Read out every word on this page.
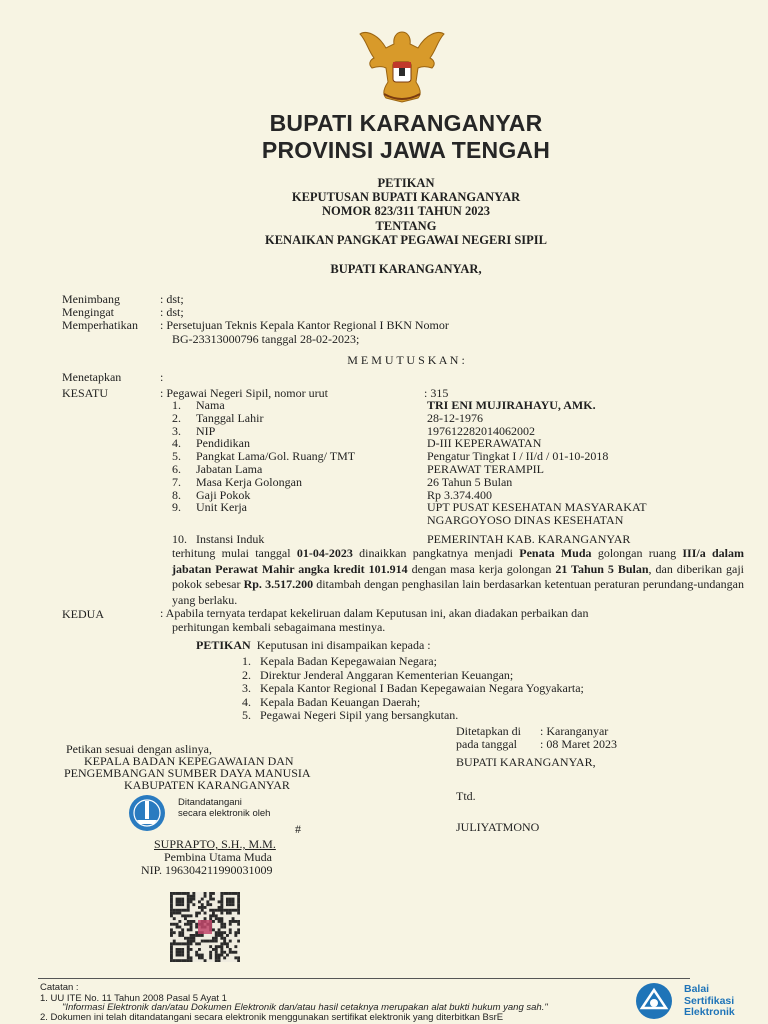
BUPATI KARANGANYAR
PROVINSI JAWA TENGAH
PETIKAN
KEPUTUSAN BUPATI KARANGANYAR
NOMOR 823/311 TAHUN 2023
TENTANG
KENAIKAN PANGKAT PEGAWAI NEGERI SIPIL
BUPATI KARANGANYAR,
Menimbang	: dst;
Mengingat	: dst;
Memperhatikan : Persetujuan Teknis Kepala Kantor Regional I BKN Nomor
BG-23313000796 tanggal 28-02-2023;
M E M U T U S K A N :
Menetapkan	:
KESATU	: Pegawai Negeri Sipil, nomor urut	: 315
1. Nama	TRI ENI MUJIRAHAYU, AMK.
2. Tanggal Lahir	28-12-1976
3. NIP	197612282014062002
4. Pendidikan	D-III KEPERAWATAN
5. Pangkat Lama/Gol. Ruang/ TMT	Pengatur Tingkat I / II/d / 01-10-2018
6. Jabatan Lama	PERAWAT TERAMPIL
7. Masa Kerja Golongan	26 Tahun 5 Bulan
8. Gaji Pokok	Rp 3.374.400
9. Unit Kerja	UPT PUSAT KESEHATAN MASYARAKAT
NGARGOYOSO DINAS KESEHATAN
10. Instansi Induk	PEMERINTAH KAB. KARANGANYAR
terhitung mulai tanggal 01-04-2023 dinaikkan pangkatnya menjadi Penata Muda golongan ruang III/a dalam jabatan Perawat Mahir angka kredit 101.914 dengan masa kerja golongan 21 Tahun 5 Bulan, dan diberikan gaji pokok sebesar Rp. 3.517.200 ditambah dengan penghasilan lain berdasarkan ketentuan peraturan perundang-undangan yang berlaku.
KEDUA	: Apabila ternyata terdapat kekeliruan dalam Keputusan ini, akan diadakan perbaikan dan
perhitungan kembali sebagaimana mestinya.
PETIKAN Keputusan ini disampaikan kepada :
1. Kepala Badan Kepegawaian Negara;
2. Direktur Jenderal Anggaran Kementerian Keuangan;
3. Kepala Kantor Regional I Badan Kepegawaian Negara Yogyakarta;
4. Kepala Badan Keuangan Daerah;
5. Pegawai Negeri Sipil yang bersangkutan.
Ditetapkan di : Karanganyar
pada tanggal : 08 Maret 2023
BUPATI KARANGANYAR,
Ttd.
JULIYATMONO
Petikan sesuai dengan aslinya,
KEPALA BADAN KEPEGAWAIAN DAN
PENGEMBANGAN SUMBER DAYA MANUSIA
KABUPATEN KARANGANYAR
Ditandatangani
secara elektronik oleh
#
SUPRAPTO, S.H., M.M.
Pembina Utama Muda
NIP. 196304211990031009
Catatan :
1. UU ITE No. 11 Tahun 2008 Pasal 5 Ayat 1
"Informasi Elektronik dan/atau Dokumen Elektronik dan/atau hasil cetaknya merupakan alat bukti hukum yang sah."
2. Dokumen ini telah ditandatangani secara elektronik menggunakan sertifikat elektronik yang diterbitkan BsrE
Balai
Sertifikasi
Elektronik
